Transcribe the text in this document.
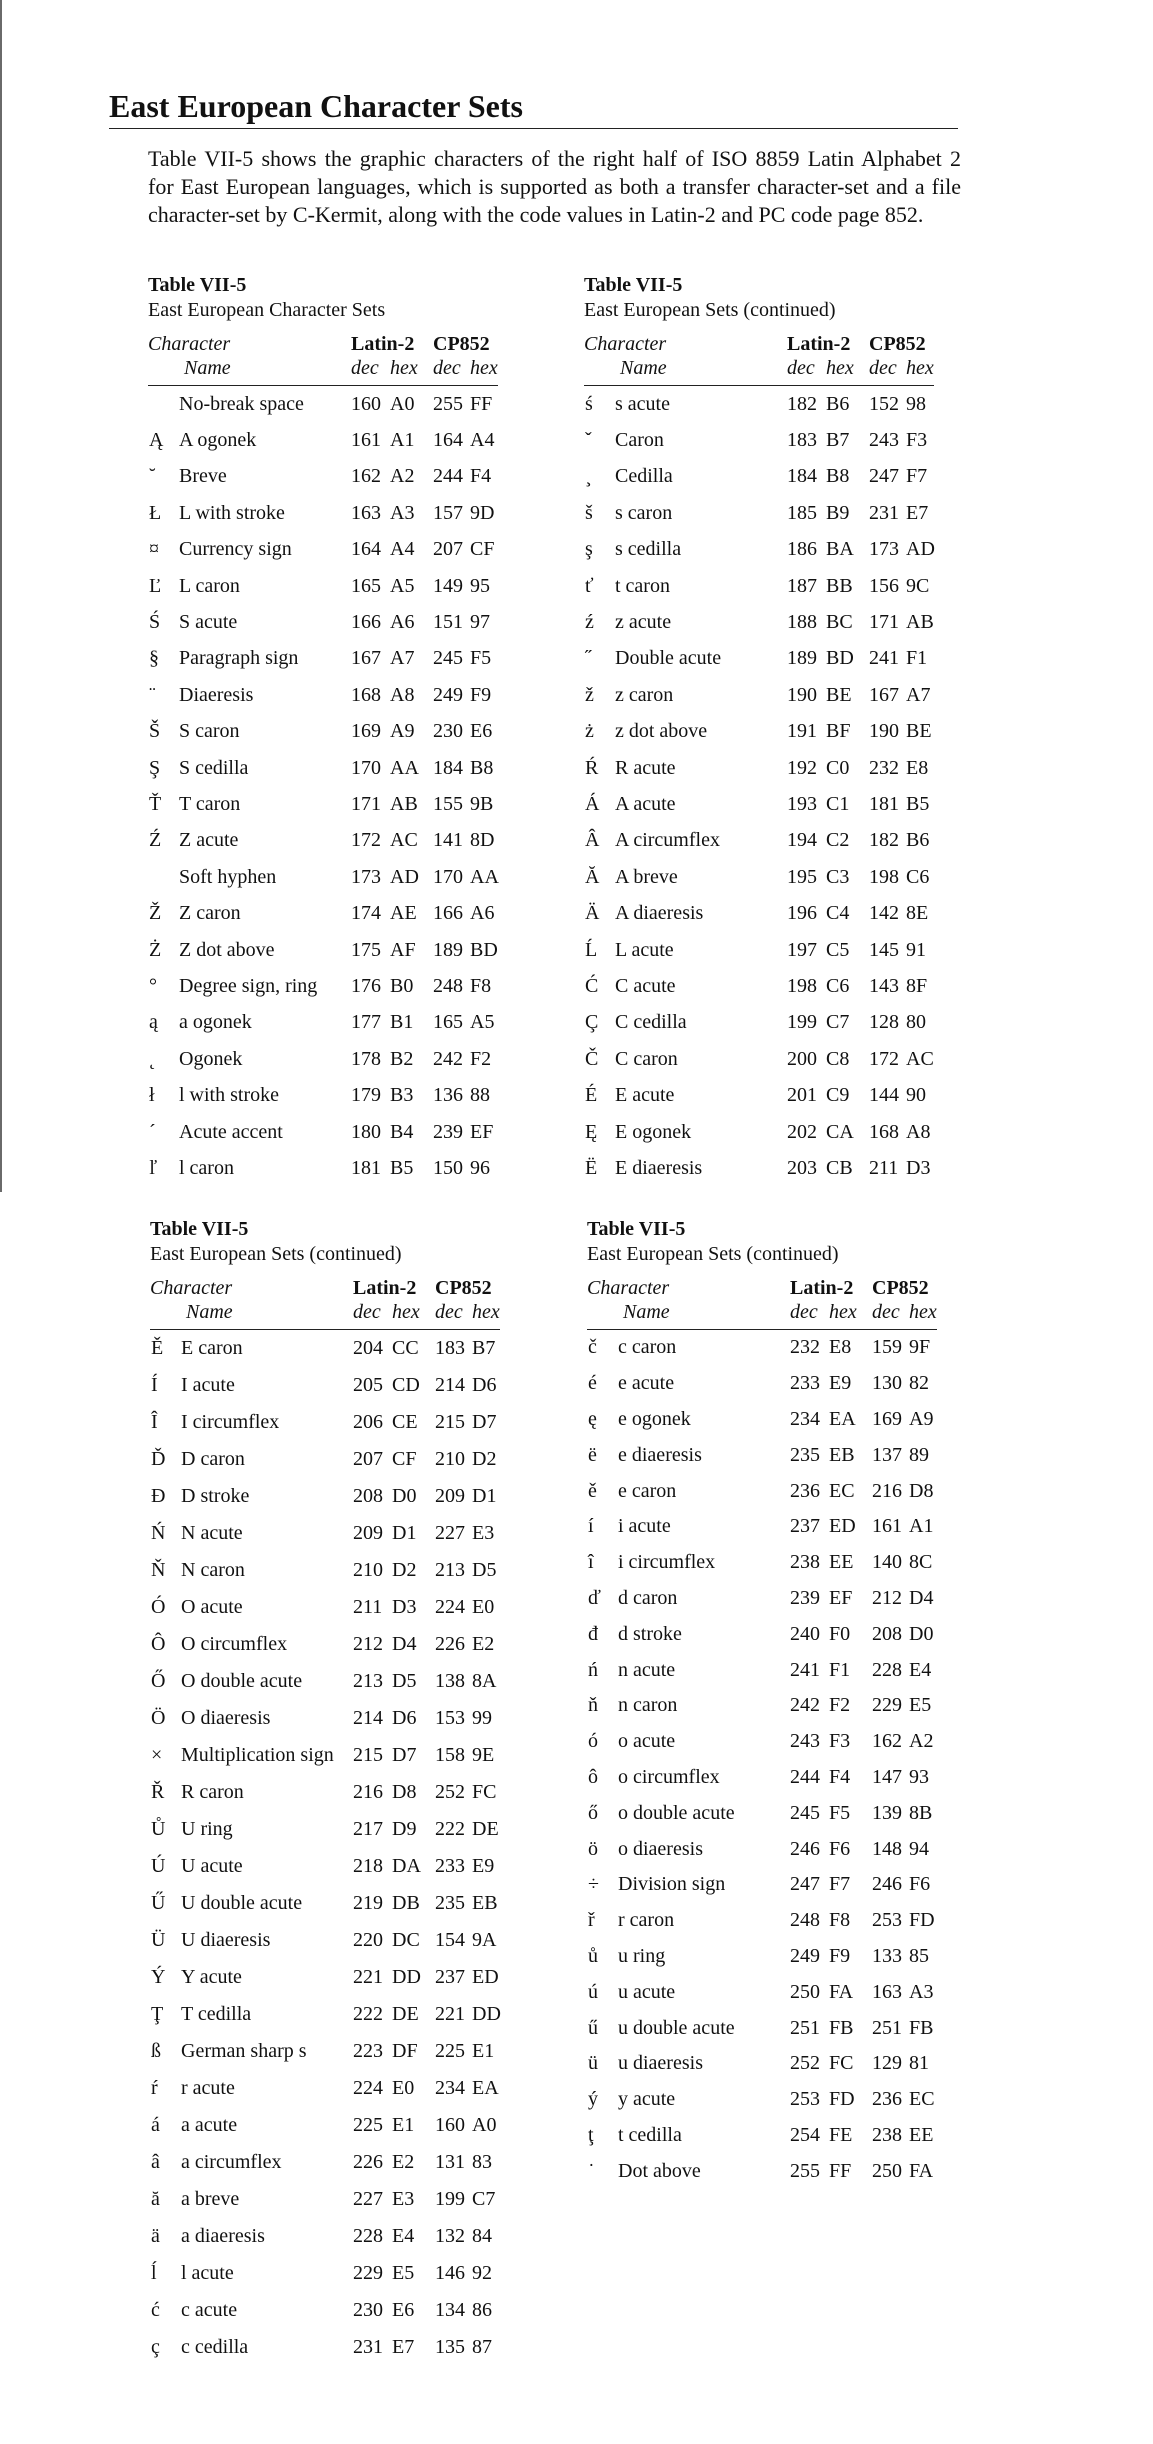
East European Character Sets
Table VII-5 shows the graphic characters of the right half of ISO 8859 Latin Alphabet 2
for East European languages, which is supported as both a transfer character-set and a file
character-set by C-Kermit, along with the code values in Latin-2 and PC code page 852.
Table VII-5
East European Character Sets
Character	Latin-2 CP852
Name	dec hex dec hex
No-break space	160 A0 255 FF
Ą A ogonek	161 A1 164 A4
˘	Breve	162 A2 244 F4
Ł L with stroke	163 A3 157 9D
¤	Currency sign	164 A4 207 CF
Ľ L caron	165 A5 149 95
Ś S acute	166 A6 151 97
§	Paragraph sign	167 A7 245 F5
¨	Diaeresis	168 A8 249 F9
Š S caron	169 A9 230 E6
Ş S cedilla	170 AA 184 B8
Ť T caron	171 AB 155 9B
Ź Z acute	172 AC 141 8D
Soft hyphen	173 AD 170 AA
Ž Z caron	174 AE 166 A6
Ż Z dot above	175 AF 189 BD
°	Degree sign, ring	176 B0 248 F8
ą	a ogonek	177 B1 165 A5
˛	Ogonek	178 B2 242 F2
ł	l with stroke	179 B3 136 88
´	Acute accent	180 B4 239 EF
ľ	l caron	181 B5 150 96
Table VII-5
East European Sets (continued)
Character	Latin-2 CP852
Name	dec hex dec hex
ś	s acute	182 B6 152 98
ˇ	Caron	183 B7 243 F3
¸	Cedilla	184 B8 247 F7
š	s caron	185 B9 231 E7
ş	s cedilla	186 BA 173 AD
ť	t caron	187 BB 156 9C
ź	z acute	188 BC 171 AB
˝	Double acute	189 BD 241 F1
ž	z caron	190 BE 167 A7
ż	z dot above	191 BF 190 BE
Ŕ R acute	192 C0 232 E8
Á A acute	193 C1 181 B5
Â A circumflex	194 C2 182 B6
Ă A breve	195 C3 198 C6
Ä A diaeresis	196 C4 142 8E
Ĺ L acute	197 C5 145 91
Ć C acute	198 C6 143 8F
Ç C cedilla	199 C7 128 80
Č C caron	200 C8 172 AC
É E acute	201 C9 144 90
Ę E ogonek	202 CA 168 A8
Ë E diaeresis	203 CB 211 D3
Table VII-5
East European Sets (continued)
Character	Latin-2 CP852
Name	dec hex dec hex
Ě E caron	204 CC 183 B7
Í	I acute	205 CD 214 D6
Î	I circumflex	206 CE 215 D7
Ď D caron	207 CF 210 D2
Đ D stroke	208 D0 209 D1
Ń N acute	209 D1 227 E3
Ň N caron	210 D2 213 D5
Ó O acute	211 D3 224 E0
Ô O circumflex	212 D4 226 E2
Ő O double acute	213 D5 138 8A
Ö O diaeresis	214 D6 153 99
× Multiplication sign 215 D7 158 9E
Ř R caron	216 D8 252 FC
Ů U ring	217 D9 222 DE
Ú U acute	218 DA 233 E9
Ű U double acute	219 DB 235 EB
Ü U diaeresis	220 DC 154 9A
Ý Y acute	221 DD 237 ED
Ţ T cedilla	222 DE 221 DD
ß	German sharp s	223 DF 225 E1
ŕ	r acute	224 E0	234 EA
á	a acute	225 E1	160 A0
â	a circumflex	226 E2	131 83
ă	a breve	227 E3	199 C7
ä	a diaeresis	228 E4	132 84
ĺ	l acute	229 E5	146 92
ć	c acute	230 E6	134 86
ç	c cedilla	231 E7	135 87
Table VII-5
East European Sets (continued)
Character	Latin-2 CP852
Name	dec hex dec hex
č	c caron	232 E8	159 9F
é	e acute	233 E9	130 82
ę	e ogonek	234 EA 169 A9
ë	e diaeresis	235 EB 137 89
ě	e caron	236 EC 216 D8
í	i acute	237 ED 161 A1
î	i circumflex	238 EE 140 8C
ď d caron	239 EF 212 D4
đ	d stroke	240 F0	208 D0
ń	n acute	241 F1	228 E4
ň	n caron	242 F2	229 E5
ó	o acute	243 F3	162 A2
ô	o circumflex	244 F4	147 93
ő	o double acute	245 F5	139 8B
ö	o diaeresis	246 F6	148 94
÷ Division sign	247 F7	246 F6
ř	r caron	248 F8	253 FD
ů	u ring	249 F9	133 85
ú	u acute	250 FA 163 A3
ű	u double acute	251 FB 251 FB
ü	u diaeresis	252 FC 129 81
ý	y acute	253 FD 236 EC
ţ	t cedilla	254 FE 238 EE
˙	Dot above	255 FF	250 FA
